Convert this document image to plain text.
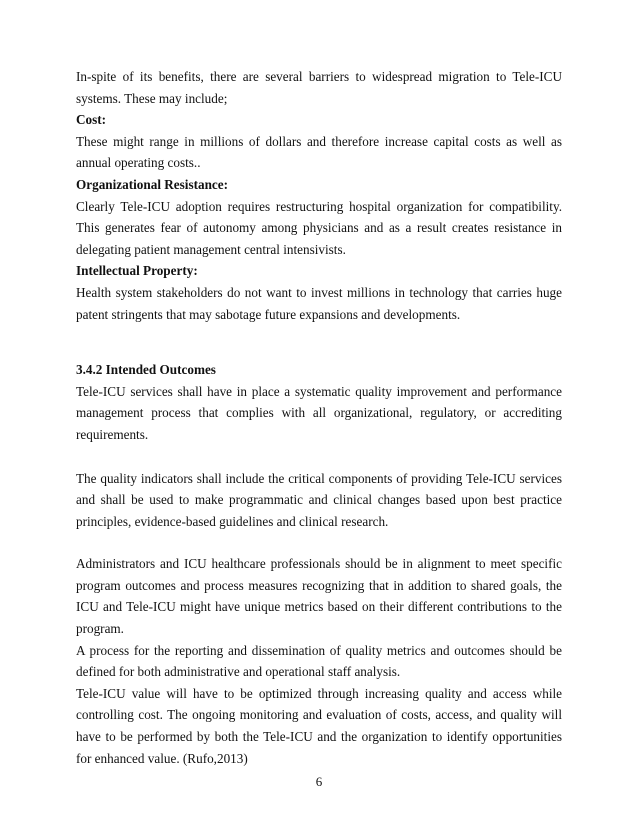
In-spite of its benefits, there are several barriers to widespread migration to Tele-ICU systems. These may include;

Cost:

These might range in millions of dollars and therefore increase capital costs as well as annual operating costs..

Organizational Resistance:

Clearly Tele-ICU adoption requires restructuring hospital organization for compatibility. This generates fear of autonomy among physicians and as a result creates resistance in delegating patient management central intensivists.

Intellectual Property:

Health system stakeholders do not want to invest millions in technology that carries huge patent stringents that may sabotage future expansions and developments.

3.4.2 Intended Outcomes

Tele-ICU services shall have in place a systematic quality improvement and performance management process that complies with all organizational, regulatory, or accrediting requirements.

The quality indicators shall include the critical components of providing Tele-ICU services and shall be used to make programmatic and clinical changes based upon best practice principles, evidence-based guidelines and clinical research.

Administrators and ICU healthcare professionals should be in alignment to meet specific program outcomes and process measures recognizing that in addition to shared goals, the ICU and Tele-ICU might have unique metrics based on their different contributions to the program.

A process for the reporting and dissemination of quality metrics and outcomes should be defined for both administrative and operational staff analysis.

Tele-ICU value will have to be optimized through increasing quality and access while controlling cost. The ongoing monitoring and evaluation of costs, access, and quality will have to be performed by both the Tele-ICU and the organization to identify opportunities for enhanced value. (Rufo,2013)

6
